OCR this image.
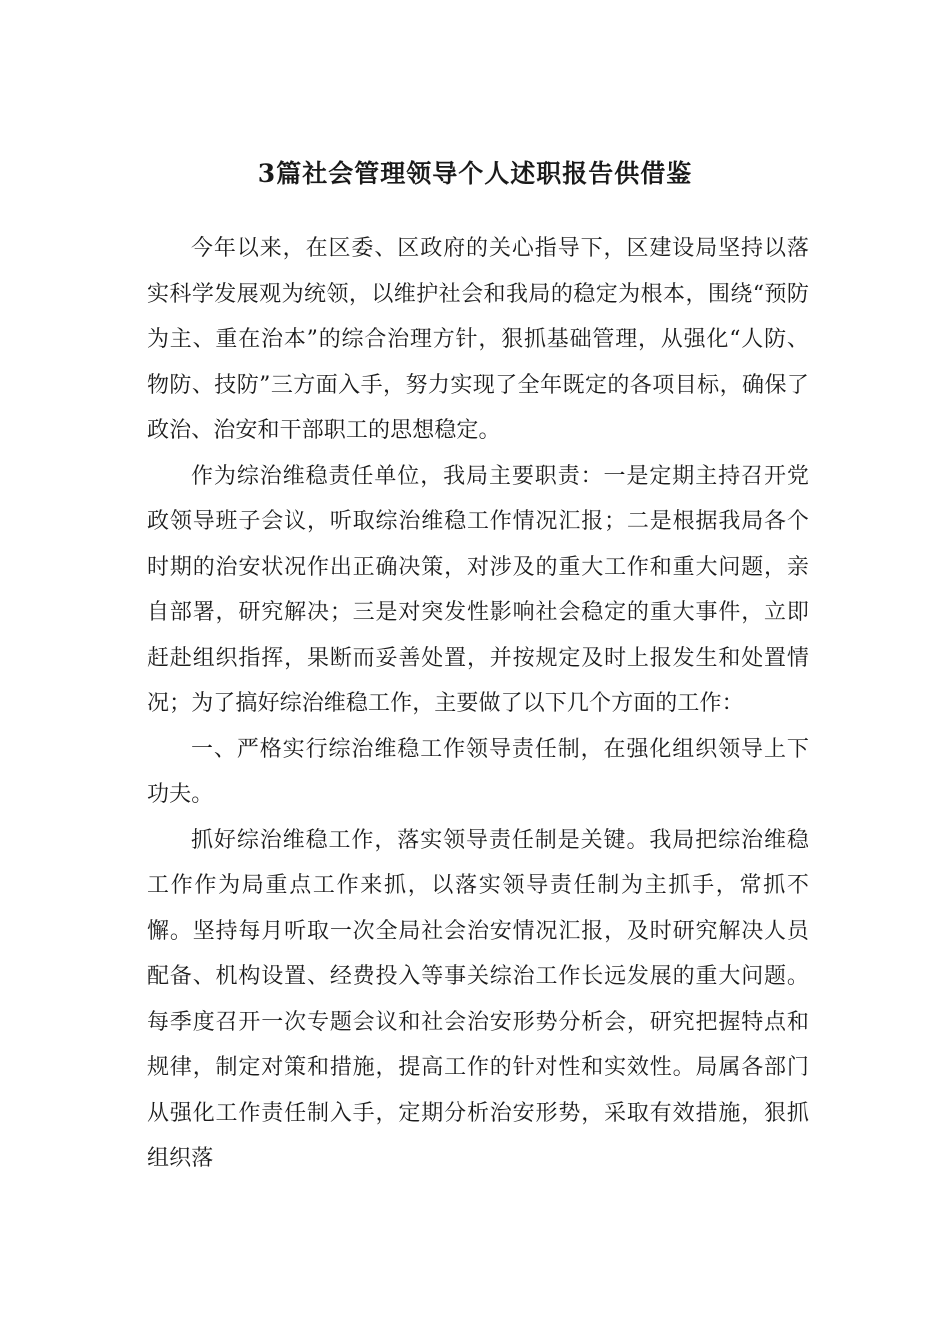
3篇社会管理领导个人述职报告供借鉴

今年以来，在区委、区政府的关心指导下，区建设局坚持以落实科学发展观为统领，以维护社会和我局的稳定为根本，围绕“预防为主、重在治本”的综合治理方针，狠抓基础管理，从强化“人防、物防、技防”三方面入手，努力实现了全年既定的各项目标，确保了政治、治安和干部职工的思想稳定。

作为综治维稳责任单位，我局主要职责：一是定期主持召开党政领导班子会议，听取综治维稳工作情况汇报；二是根据我局各个时期的治安状况作出正确决策，对涉及的重大工作和重大问题，亲自部署，研究解决；三是对突发性影响社会稳定的重大事件，立即赶赴组织指挥，果断而妥善处置，并按规定及时上报发生和处置情况；为了搞好综治维稳工作，主要做了以下几个方面的工作：

一、严格实行综治维稳工作领导责任制，在强化组织领导上下功夫。

抓好综治维稳工作，落实领导责任制是关键。我局把综治维稳工作作为局重点工作来抓，以落实领导责任制为主抓手，常抓不懈。坚持每月听取一次全局社会治安情况汇报，及时研究解决人员配备、机构设置、经费投入等事关综治工作长远发展的重大问题。每季度召开一次专题会议和社会治安形势分析会，研究把握特点和规律，制定对策和措施，提高工作的针对性和实效性。局属各部门从强化工作责任制入手，定期分析治安形势，采取有效措施，狠抓组织落
